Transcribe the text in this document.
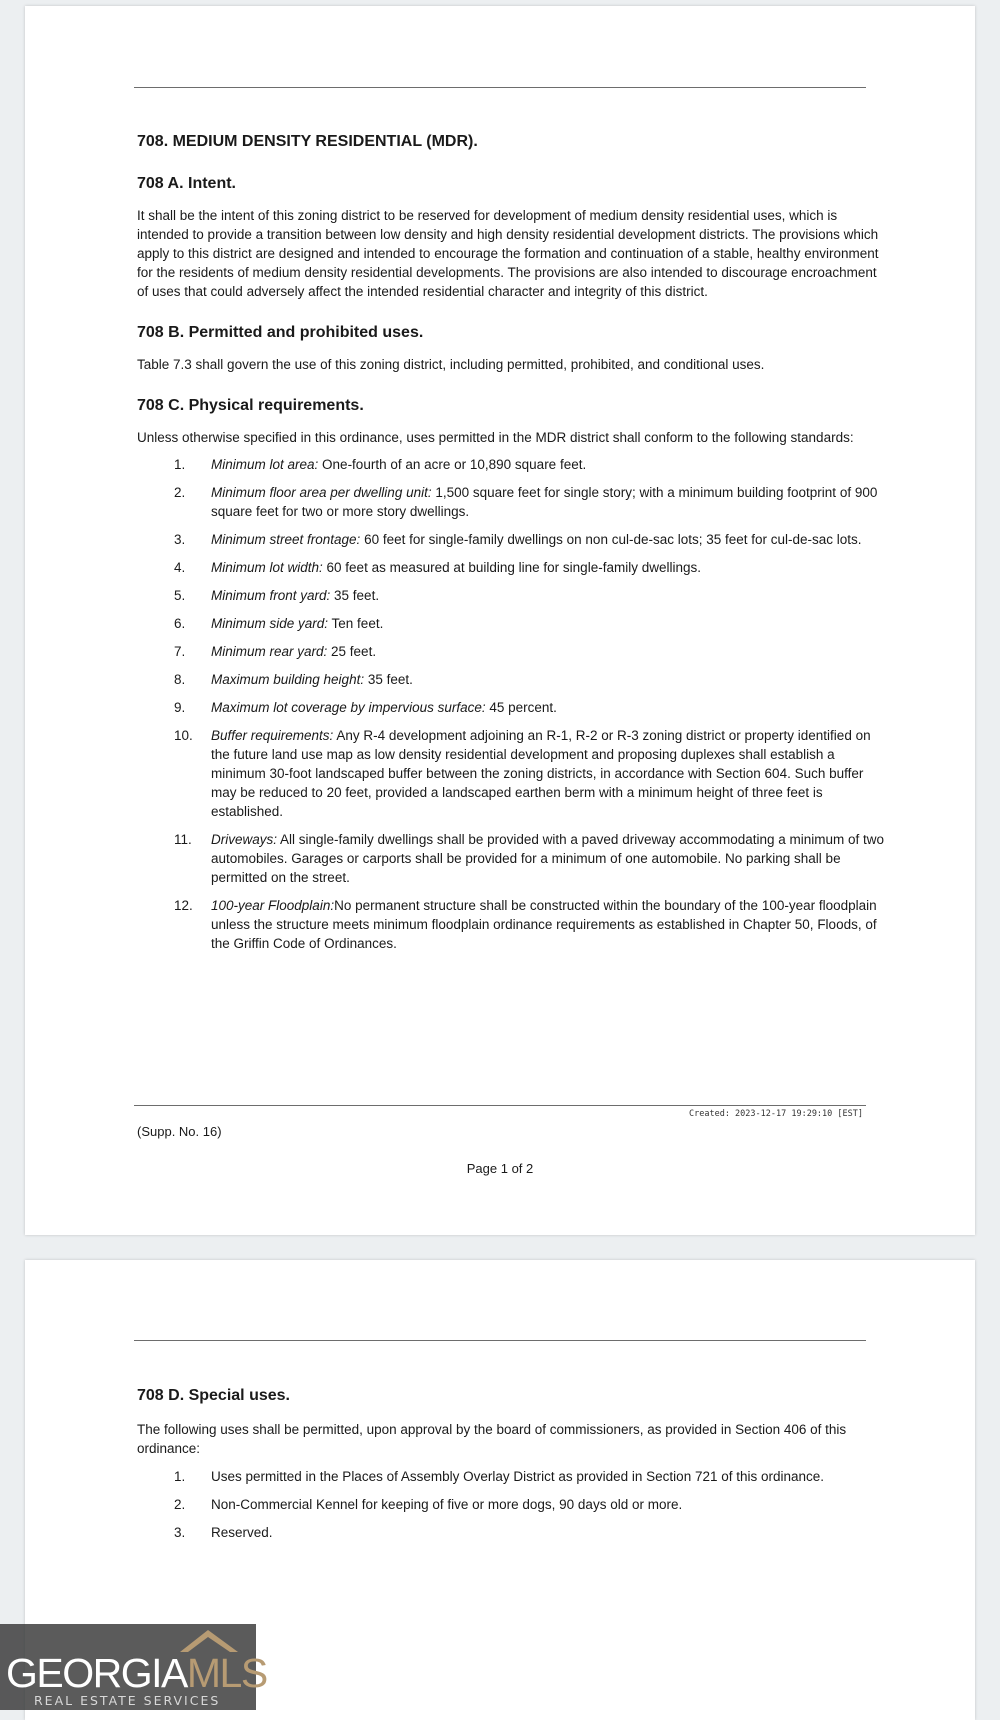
708. MEDIUM DENSITY RESIDENTIAL (MDR).
708 A. Intent.

It shall be the intent of this zoning district to be reserved for development of medium density residential uses, which is intended to provide a transition between low density and high density residential development districts. The provisions which apply to this district are designed and intended to encourage the formation and continuation of a stable, healthy environment for the residents of medium density residential developments. The provisions are also intended to discourage encroachment of uses that could adversely affect the intended residential character and integrity of this district.

708 B. Permitted and prohibited uses.

Table 7.3 shall govern the use of this zoning district, including permitted, prohibited, and conditional uses.

708 C. Physical requirements.

Unless otherwise specified in this ordinance, uses permitted in the MDR district shall conform to the following standards:

1.	Minimum lot area: One-fourth of an acre or 10,890 square feet.
2.	Minimum floor area per dwelling unit: 1,500 square feet for single story; with a minimum building footprint of 900 square feet for two or more story dwellings.
3.	Minimum street frontage: 60 feet for single-family dwellings on non cul-de-sac lots; 35 feet for cul-de-sac lots.
4.	Minimum lot width: 60 feet as measured at building line for single-family dwellings.
5.	Minimum front yard: 35 feet.
6.	Minimum side yard: Ten feet.
7.	Minimum rear yard: 25 feet.
8.	Maximum building height: 35 feet.
9.	Maximum lot coverage by impervious surface: 45 percent.
10.	Buffer requirements: Any R-4 development adjoining an R-1, R-2 or R-3 zoning district or property identified on the future land use map as low density residential development and proposing duplexes shall establish a minimum 30-foot landscaped buffer between the zoning districts, in accordance with Section 604. Such buffer may be reduced to 20 feet, provided a landscaped earthen berm with a minimum height of three feet is established.
11.	Driveways: All single-family dwellings shall be provided with a paved driveway accommodating a minimum of two automobiles. Garages or carports shall be provided for a minimum of one automobile. No parking shall be permitted on the street.
12.	100-year Floodplain:No permanent structure shall be constructed within the boundary of the 100-year floodplain unless the structure meets minimum floodplain ordinance requirements as established in Chapter 50, Floods, of the Griffin Code of Ordinances.
Created: 2023-12-17 19:29:10 [EST]
(Supp. No. 16)
Page 1 of 2
708 D. Special uses.

The following uses shall be permitted, upon approval by the board of commissioners, as provided in Section 406 of this ordinance:

1.	Uses permitted in the Places of Assembly Overlay District as provided in Section 721 of this ordinance.
2.	Non-Commercial Kennel for keeping of five or more dogs, 90 days old or more.
3.	Reserved.
GEORGIAMLS
REAL ESTATE SERVICES
